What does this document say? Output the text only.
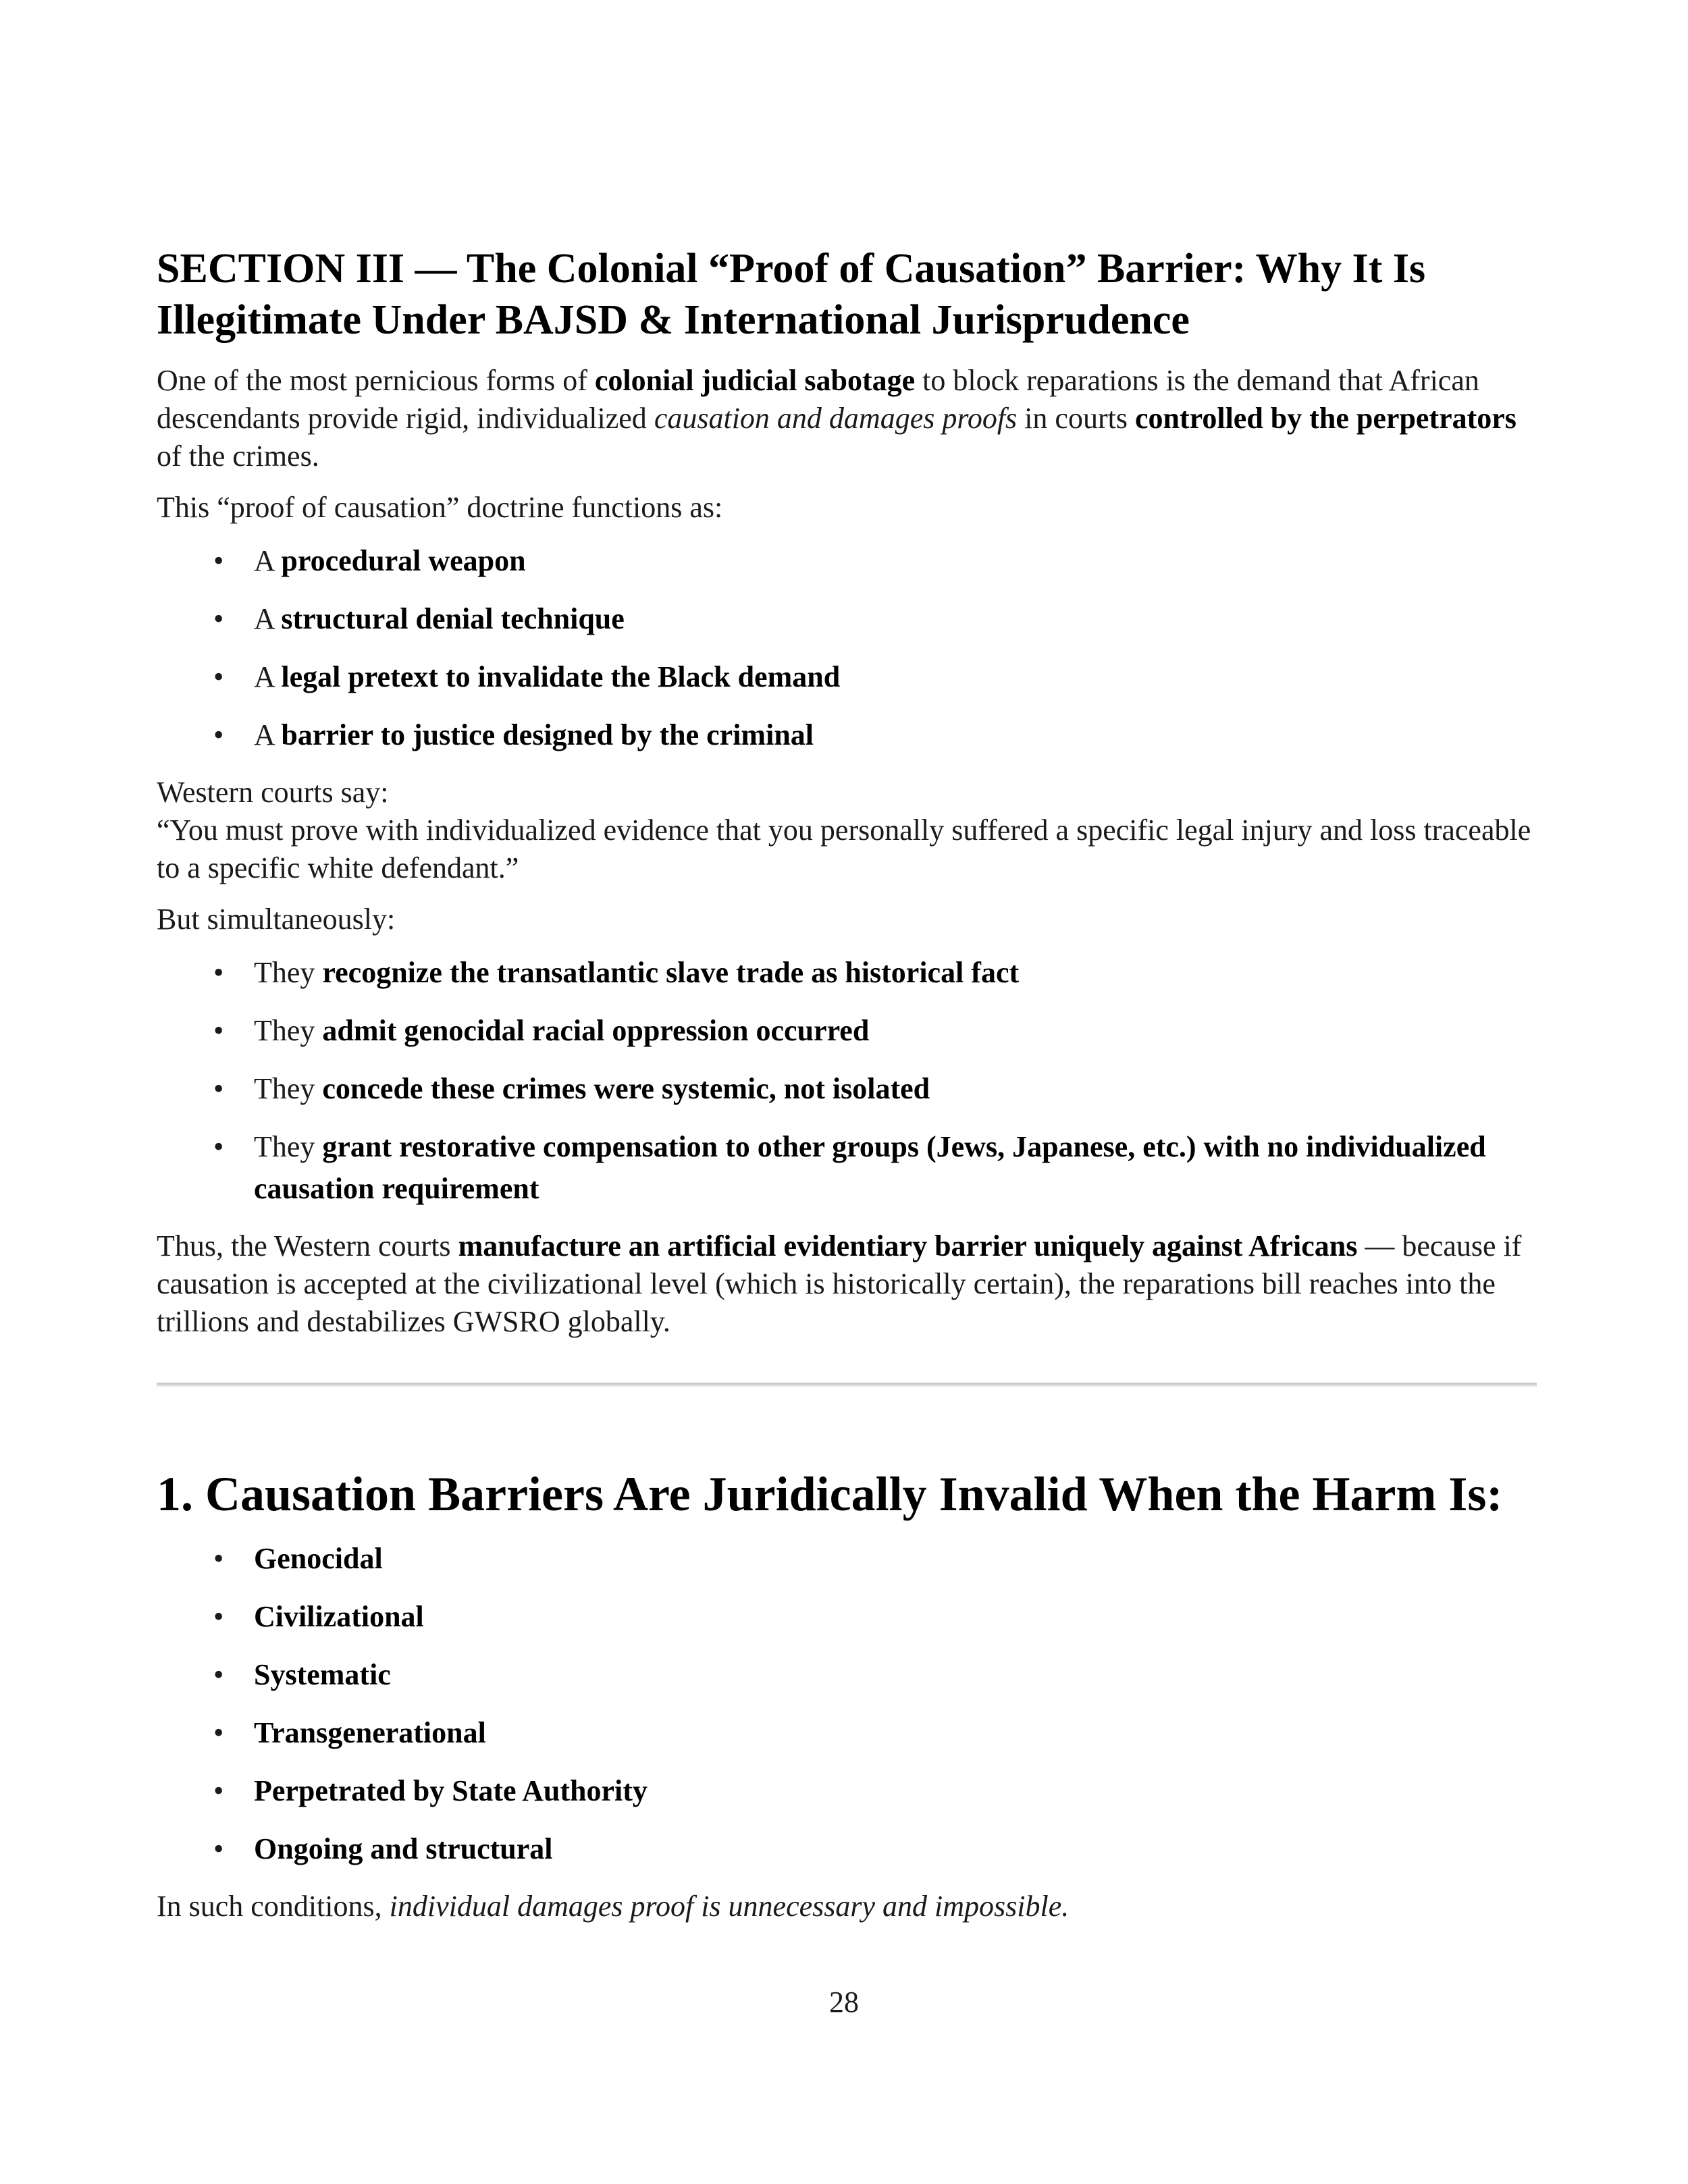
SECTION III — The Colonial “Proof of Causation” Barrier: Why It Is Illegitimate Under BAJSD & International Jurisprudence

One of the most pernicious forms of colonial judicial sabotage to block reparations is the demand that African descendants provide rigid, individualized causation and damages proofs in courts controlled by the perpetrators of the crimes.

This “proof of causation” doctrine functions as:

• A procedural weapon
• A structural denial technique
• A legal pretext to invalidate the Black demand
• A barrier to justice designed by the criminal

Western courts say:
“You must prove with individualized evidence that you personally suffered a specific legal injury and loss traceable to a specific white defendant.”

But simultaneously:

• They recognize the transatlantic slave trade as historical fact
• They admit genocidal racial oppression occurred
• They concede these crimes were systemic, not isolated
• They grant restorative compensation to other groups (Jews, Japanese, etc.) with no individualized causation requirement

Thus, the Western courts manufacture an artificial evidentiary barrier uniquely against Africans — because if causation is accepted at the civilizational level (which is historically certain), the reparations bill reaches into the trillions and destabilizes GWSRO globally.

1. Causation Barriers Are Juridically Invalid When the Harm Is:
• Genocidal
• Civilizational
• Systematic
• Transgenerational
• Perpetrated by State Authority
• Ongoing and structural

In such conditions, individual damages proof is unnecessary and impossible.

28
